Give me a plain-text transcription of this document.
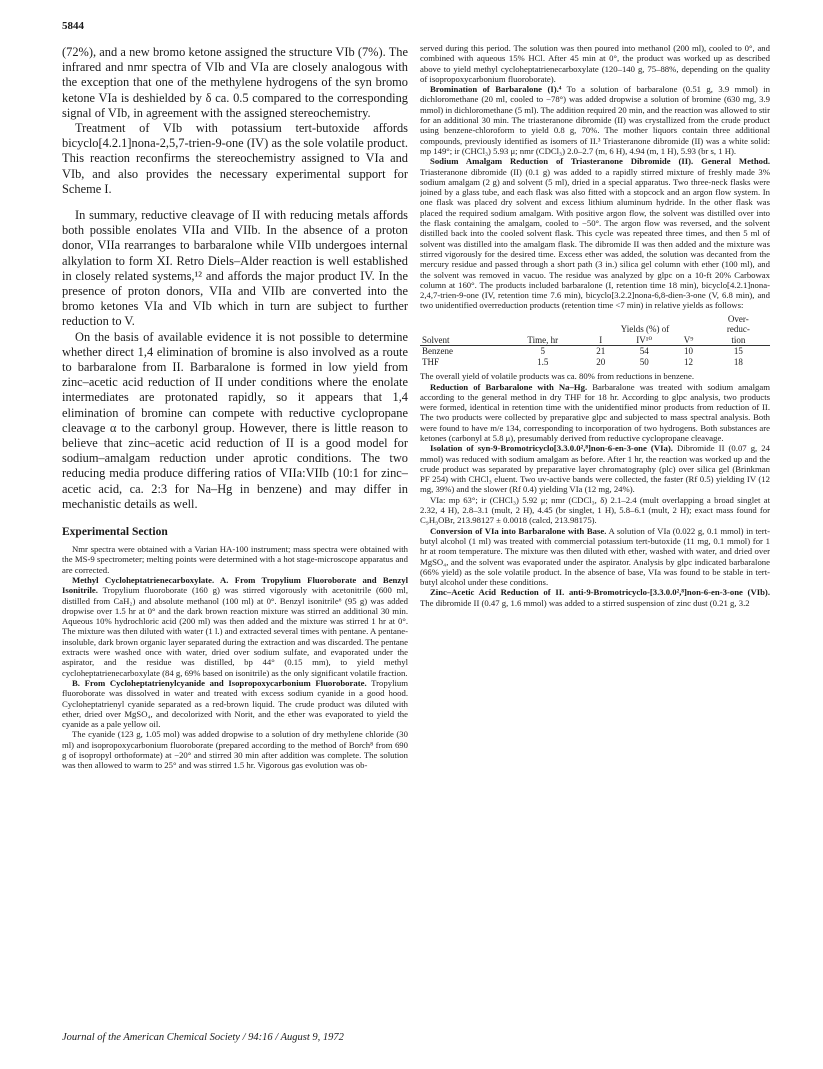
5844

(72%), and a new bromo ketone assigned the structure VIb (7%). The infrared and nmr spectra of VIb and VIa are closely analogous with the exception that one of the methylene hydrogens of the syn bromo ketone VIa is deshielded by δ ca. 0.5 compared to the corresponding signal of VIb, in agreement with the assigned stereochemistry.

Treatment of VIb with potassium tert-butoxide affords bicyclo[4.2.1]nona-2,5,7-trien-9-one (IV) as the sole volatile product. This reaction reconfirms the stereochemistry assigned to VIa and VIb, and also provides the necessary experimental support for Scheme I.

In summary, reductive cleavage of II with reducing metals affords both possible enolates VIIa and VIIb. In the absence of a proton donor, VIIa rearranges to barbaralone while VIIb undergoes internal alkylation to form XI. Retro Diels–Alder reaction is well established in closely related systems,¹² and affords the major product IV. In the presence of proton donors, VIIa and VIIb are converted into the bromo ketones VIa and VIb which in turn are subject to further reduction to V.

On the basis of available evidence it is not possible to determine whether direct 1,4 elimination of bromine is also involved as a route to barbaralone from II. Barbaralone is formed in low yield from zinc–acetic acid reduction of II under conditions where the enolate intermediates are protonated rapidly, so it appears that 1,4 elimination of bromine can compete with reductive cyclopropane cleavage α to the carbonyl group. However, there is little reason to believe that zinc–acetic acid reduction of II is a good model for sodium–amalgam reduction under aprotic conditions. The two reducing media produce differing ratios of VIIa:VIIb (10:1 for zinc–acetic acid, ca. 2:3 for Na–Hg in benzene) and may differ in mechanistic details as well.

Experimental Section

Nmr spectra were obtained with a Varian HA-100 instrument; mass spectra were obtained with the MS-9 spectrometer; melting points were determined with a hot stage-microscope apparatus and are corrected.

Methyl Cycloheptatrienecarboxylate. A. From Tropylium Fluoroborate and Benzyl Isonitrile. Tropylium fluoroborate (160 g) was stirred vigorously with acetonitrile (600 ml, distilled from CaH₂) and absolute methanol (100 ml) at 0°. Benzyl isonitrile⁶ (95 g) was added dropwise over 1.5 hr at 0° and the dark brown reaction mixture was stirred an additional 30 min. Aqueous 10% hydrochloric acid (200 ml) was then added and the mixture was stirred 1 hr at 0°. The mixture was then diluted with water (1 l.) and extracted several times with pentane. A pentane-insoluble, dark brown organic layer separated during the extraction and was discarded. The pentane extracts were washed once with water, dried over sodium sulfate, and evaporated under the aspirator, and the residue was distilled, bp 44° (0.15 mm), to yield methyl cycloheptatrienecarboxylate (84 g, 69% based on isonitrile) as the only significant volatile fraction.

B. From Cycloheptatrienylcyanide and Isopropoxycarbonium Fluoroborate. Tropylium fluoroborate was dissolved in water and treated with excess sodium cyanide in a good hood. Cycloheptatrienyl cyanide separated as a red-brown liquid. The crude product was diluted with ether, dried over MgSO₄, and decolorized with Norit, and the ether was evaporated to yield the cyanide as a pale yellow oil.

The cyanide (123 g, 1.05 mol) was added dropwise to a solution of dry methylene chloride (30 ml) and isopropoxycarbonium fluoroborate (prepared according to the method of Borch⁸ from 690 g of isopropyl orthoformate) at −20° and stirred 30 min after addition was complete. The solution was then allowed to warm to 25° and was stirred 1.5 hr. Vigorous gas evolution was ob-

served during this period. The solution was then poured into methanol (200 ml), cooled to 0°, and combined with aqueous 15% HCl. After 45 min at 0°, the product was worked up as described above to yield methyl cycloheptatrienecarboxylate (120–140 g, 75–88%, depending on the quality of isopropoxycarbonium fluoroborate).

Bromination of Barbaralone (I).⁴ To a solution of barbaralone (0.51 g, 3.9 mmol) in dichloromethane (20 ml, cooled to −78°) was added dropwise a solution of bromine (630 mg, 3.9 mmol) in dichloromethane (5 ml). The addition required 20 min, and the reaction was allowed to stir for an additional 30 min. The triasteranone dibromide (II) was crystallized from the crude product using benzene-chloroform to yield 0.8 g, 70%. The mother liquors contain three additional compounds, previously identified as isomers of II.³ Triasteranone dibromide (II) was a white solid: mp 149°; ir (CHCl₃) 5.93 μ; nmr (CDCl₃) 2.0–2.7 (m, 6 H), 4.94 (m, 1 H), 5.93 (br s, 1 H).

Sodium Amalgam Reduction of Triasteranone Dibromide (II). General Method. Triasteranone dibromide (II) (0.1 g) was added to a rapidly stirred mixture of freshly made 3% sodium amalgam (2 g) and solvent (5 ml), dried in a special apparatus. Two three-neck flasks were joined by a glass tube, and each flask was also fitted with a stopcock and an argon flow system. In one flask was placed dry solvent and excess lithium aluminum hydride. In the other flask was placed the required sodium amalgam. With positive argon flow, the solvent was distilled over into the flask containing the amalgam, cooled to −50°. The argon flow was reversed, and the solvent distilled back into the cooled solvent flask. This cycle was repeated three times, and then 5 ml of solvent was distilled into the amalgam flask. The dibromide II was then added and the mixture was stirred vigorously for the desired time. Excess ether was added, the solution was decanted from the mercury residue and passed through a short path (3 in.) silica gel column with ether (100 ml), and the solvent was removed in vacuo. The residue was analyzed by glpc on a 10-ft 20% Carbowax column at 160°. The products included barbaralone (I, retention time 18 min), bicyclo[4.2.1]nona-2,4,7-trien-9-one (IV, retention time 7.6 min), bicyclo[3.2.2]nona-6,8-dien-3-one (V, 6.8 min), and two unidentified overreduction products (retention time <7 min) in relative yields as follows:

					Over-
		Yields (%) of			reduc-
Solvent	Time, hr	I	IV¹⁰	V⁹	tion
Benzene	5	21	54	10	15
THF	1.5	20	50	12	18

The overall yield of volatile products was ca. 80% from reductions in benzene.

Reduction of Barbaralone with Na–Hg. Barbaralone was treated with sodium amalgam according to the general method in dry THF for 18 hr. According to glpc analysis, two products were formed, identical in retention time with the unidentified minor products from reduction of II. The two products were collected by preparative glpc and subjected to mass spectral analysis. Both were found to have m/e 134, corresponding to incorporation of two hydrogens. Both substances are ketones (carbonyl at 5.8 μ), presumably derived from reductive cyclopropane cleavage.

Isolation of syn-9-Bromotricyclo[3.3.0.0²,⁸]non-6-en-3-one (VIa). Dibromide II (0.07 g, 24 mmol) was reduced with sodium amalgam as before. After 1 hr, the reaction was worked up and the crude product was separated by preparative layer chromatography (plc) over silica gel (Brinkman PF 254) with CHCl₃ eluent. Two uv-active bands were collected, the faster (Rf 0.5) yielding IV (12 mg, 39%) and the slower (Rf 0.4) yielding VIa (12 mg, 24%).

VIa: mp 63°; ir (CHCl₃) 5.92 μ; nmr (CDCl₃, δ) 2.1–2.4 (mult overlapping a broad singlet at 2.32, 4 H), 2.8–3.1 (mult, 2 H), 4.45 (br singlet, 1 H), 5.8–6.1 (mult, 2 H); exact mass found for C₉H₉OBr, 213.98127 ± 0.0018 (calcd, 213.98175).

Conversion of VIa into Barbaralone with Base. A solution of VIa (0.022 g, 0.1 mmol) in tert-butyl alcohol (1 ml) was treated with commercial potassium tert-butoxide (11 mg, 0.1 mmol) for 1 hr at room temperature. The mixture was then diluted with ether, washed with water, and dried over MgSO₄, and the solvent was evaporated under the aspirator. Analysis by glpc indicated barbaralone (66% yield) as the sole volatile product. In the absence of base, VIa was found to be stable in tert-butyl alcohol under these conditions.

Zinc–Acetic Acid Reduction of II. anti-9-Bromotricyclo-[3.3.0.0²,⁸]non-6-en-3-one (VIb). The dibromide II (0.47 g, 1.6 mmol) was added to a stirred suspension of zinc dust (0.21 g, 3.2

Journal of the American Chemical Society / 94:16 / August 9, 1972
